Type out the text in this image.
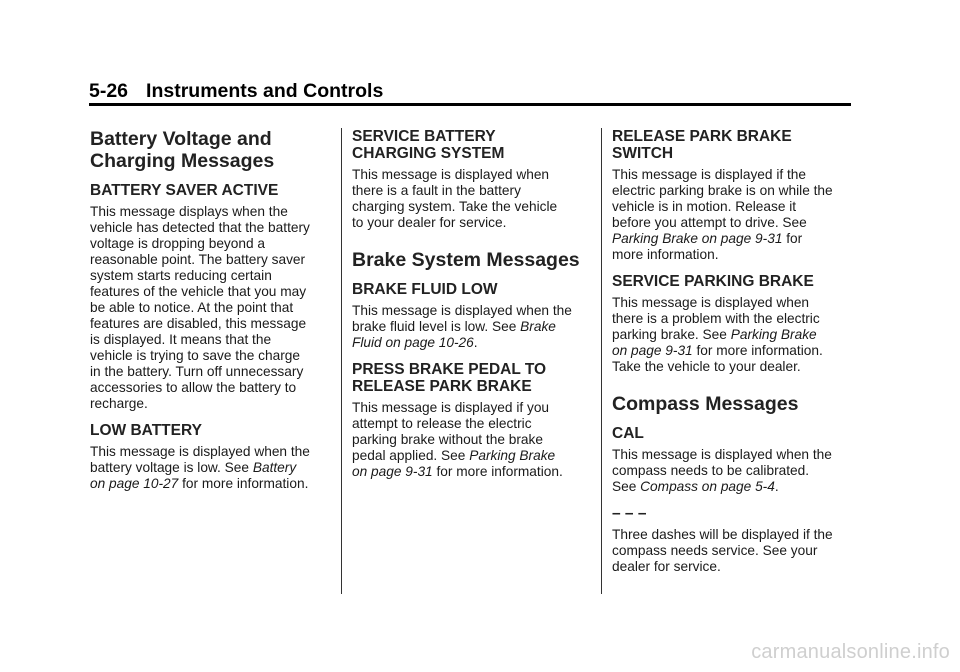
5-26 Instruments and Controls
Battery Voltage and
Charging Messages
BATTERY SAVER ACTIVE

This message displays when the
vehicle has detected that the battery
voltage is dropping beyond a
reasonable point. The battery saver
system starts reducing certain
features of the vehicle that you may
be able to notice. At the point that
features are disabled, this message
is displayed. It means that the
vehicle is trying to save the charge
in the battery. Turn off unnecessary
accessories to allow the battery to
recharge.

LOW BATTERY

This message is displayed when the
battery voltage is low. See Battery
on page 10-27 for more information.

SERVICE BATTERY
CHARGING SYSTEM

This message is displayed when
there is a fault in the battery
charging system. Take the vehicle
to your dealer for service.

Brake System Messages
BRAKE FLUID LOW

This message is displayed when the
brake fluid level is low. See Brake
Fluid on page 10-26.

PRESS BRAKE PEDAL TO
RELEASE PARK BRAKE

This message is displayed if you
attempt to release the electric
parking brake without the brake
pedal applied. See Parking Brake
on page 9-31 for more information.

RELEASE PARK BRAKE
SWITCH

This message is displayed if the
electric parking brake is on while the
vehicle is in motion. Release it
before you attempt to drive. See
Parking Brake on page 9-31 for
more information.

SERVICE PARKING BRAKE

This message is displayed when
there is a problem with the electric
parking brake. See Parking Brake
on page 9-31 for more information.
Take the vehicle to your dealer.

Compass Messages
CAL

This message is displayed when the
compass needs to be calibrated.
See Compass on page 5-4.

– – –

Three dashes will be displayed if the
compass needs service. See your
dealer for service.

carmanualsonline.info
